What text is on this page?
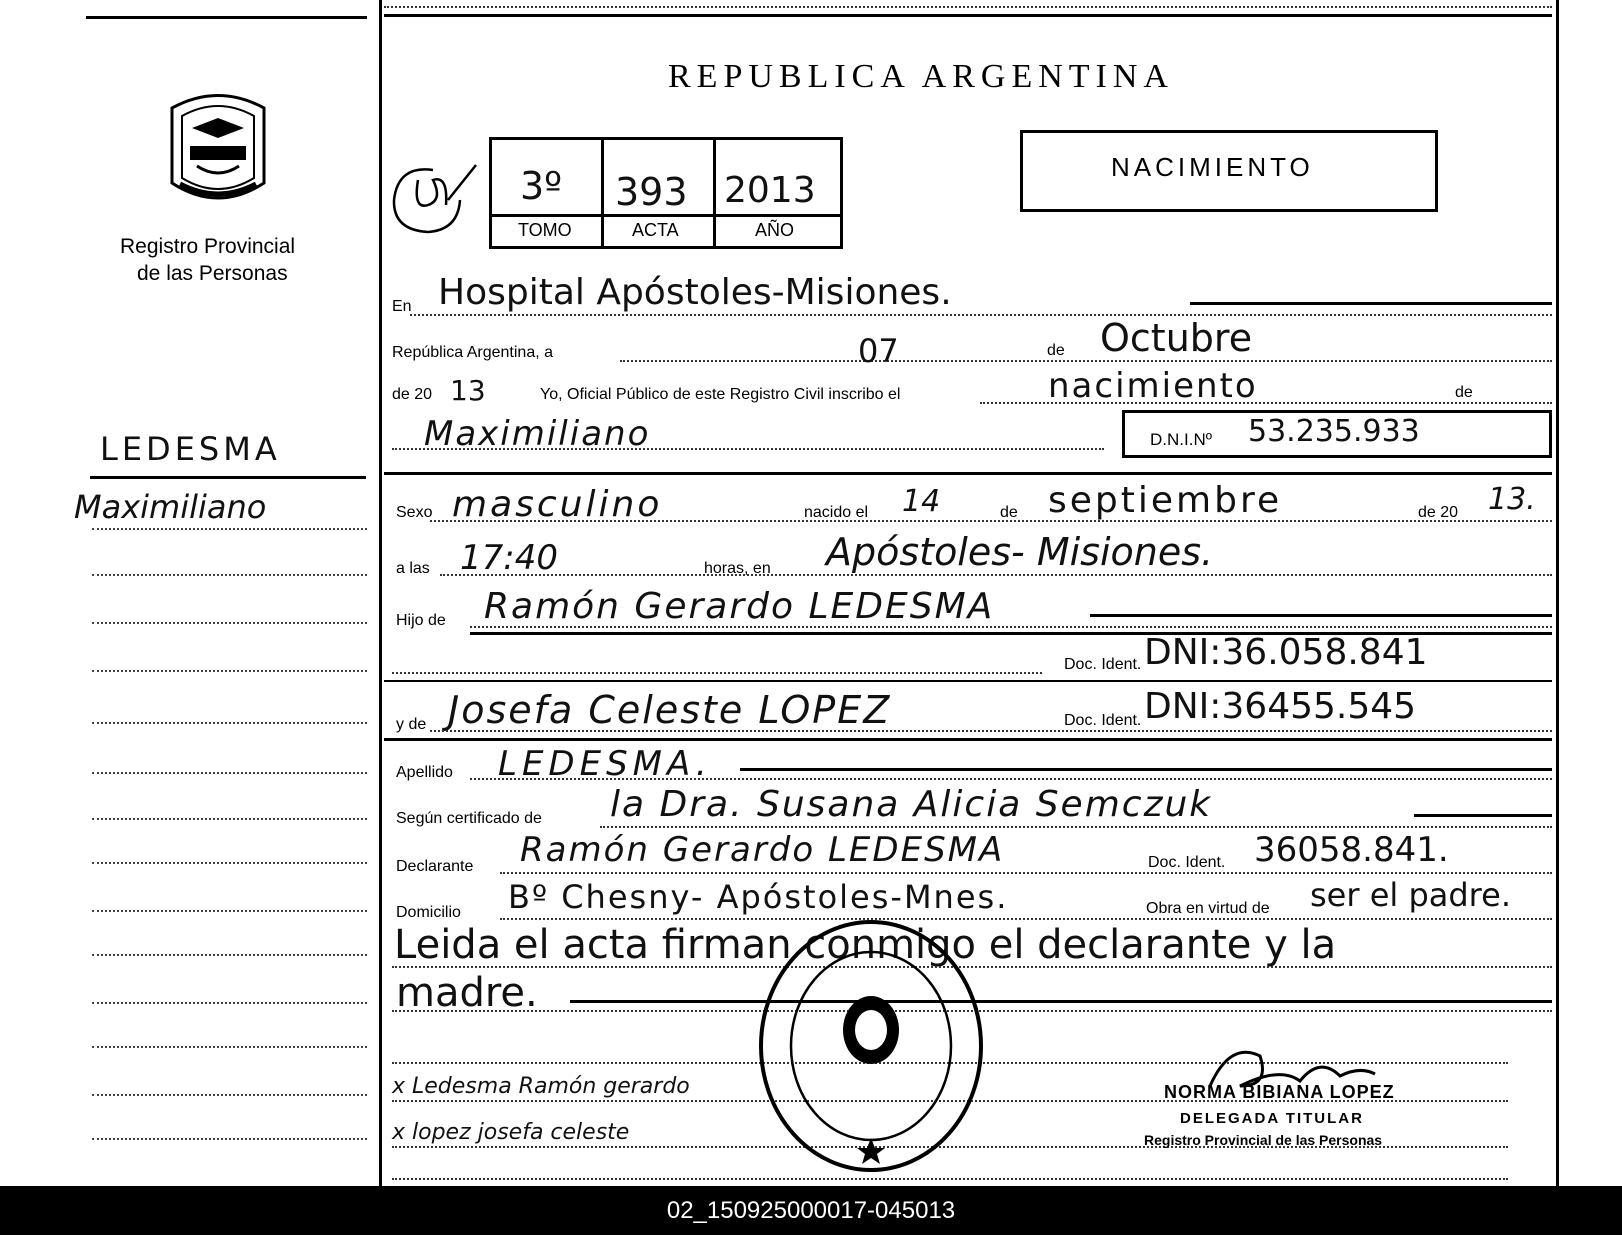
Registro Provincial
de las Personas
LEDESMA
Maximiliano
REPUBLICA ARGENTINA
3º 393 2013
TOMO	ACTA	AÑO
NACIMIENTO
En Hospital Apóstoles-Misiones.
República Argentina, a	07	de Octubre
de 20 13	Yo, Oficial Público de este Registro Civil inscribo el	nacimiento	de
Maximiliano	D.N.I.Nº 53.235.933
Sexo masculino	nacido el 14	de septiembre	de 20 13.
a las 17:40	horas, en Apóstoles- Misiones.
Hijo de Ramón Gerardo LEDESMA
Doc. Ident. DNI:36.058.841
y de Josefa Celeste LOPEZ	Doc. Ident. DNI:36455.545
Apellido LEDESMA.
Según certificado de la Dra. Susana Alicia Semczuk
Declarante Ramón Gerardo LEDESMA	Doc. Ident. 36058.841.
Domicilio Bº Chesny- Apóstoles-Mnes.	Obra en virtud de ser el padre.
Leida el acta firman conmigo el declarante y la
madre.
x Ledesma Ramón gerardo
x lopez josefa celeste
NORMA BIBIANA LOPEZ
DELEGADA TITULAR
Registro Provincial de las Personas
02_150925000017-045013
